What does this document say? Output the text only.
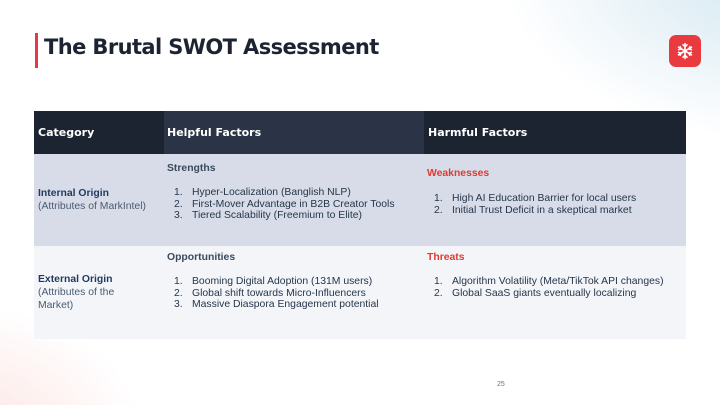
The Brutal SWOT Assessment
Category	Helpful Factors	Harmful Factors
Internal Origin
(Attributes of MarkIntel)
Strengths
1. Hyper-Localization (Banglish NLP)
2. First-Mover Advantage in B2B Creator Tools
3. Tiered Scalability (Freemium to Elite)
Weaknesses
1. High AI Education Barrier for local users
2. Initial Trust Deficit in a skeptical market
External Origin
(Attributes of the Market)
Opportunities
1. Booming Digital Adoption (131M users)
2. Global shift towards Micro-Influencers
3. Massive Diaspora Engagement potential
Threats
1. Algorithm Volatility (Meta/TikTok API changes)
2. Global SaaS giants eventually localizing
25
